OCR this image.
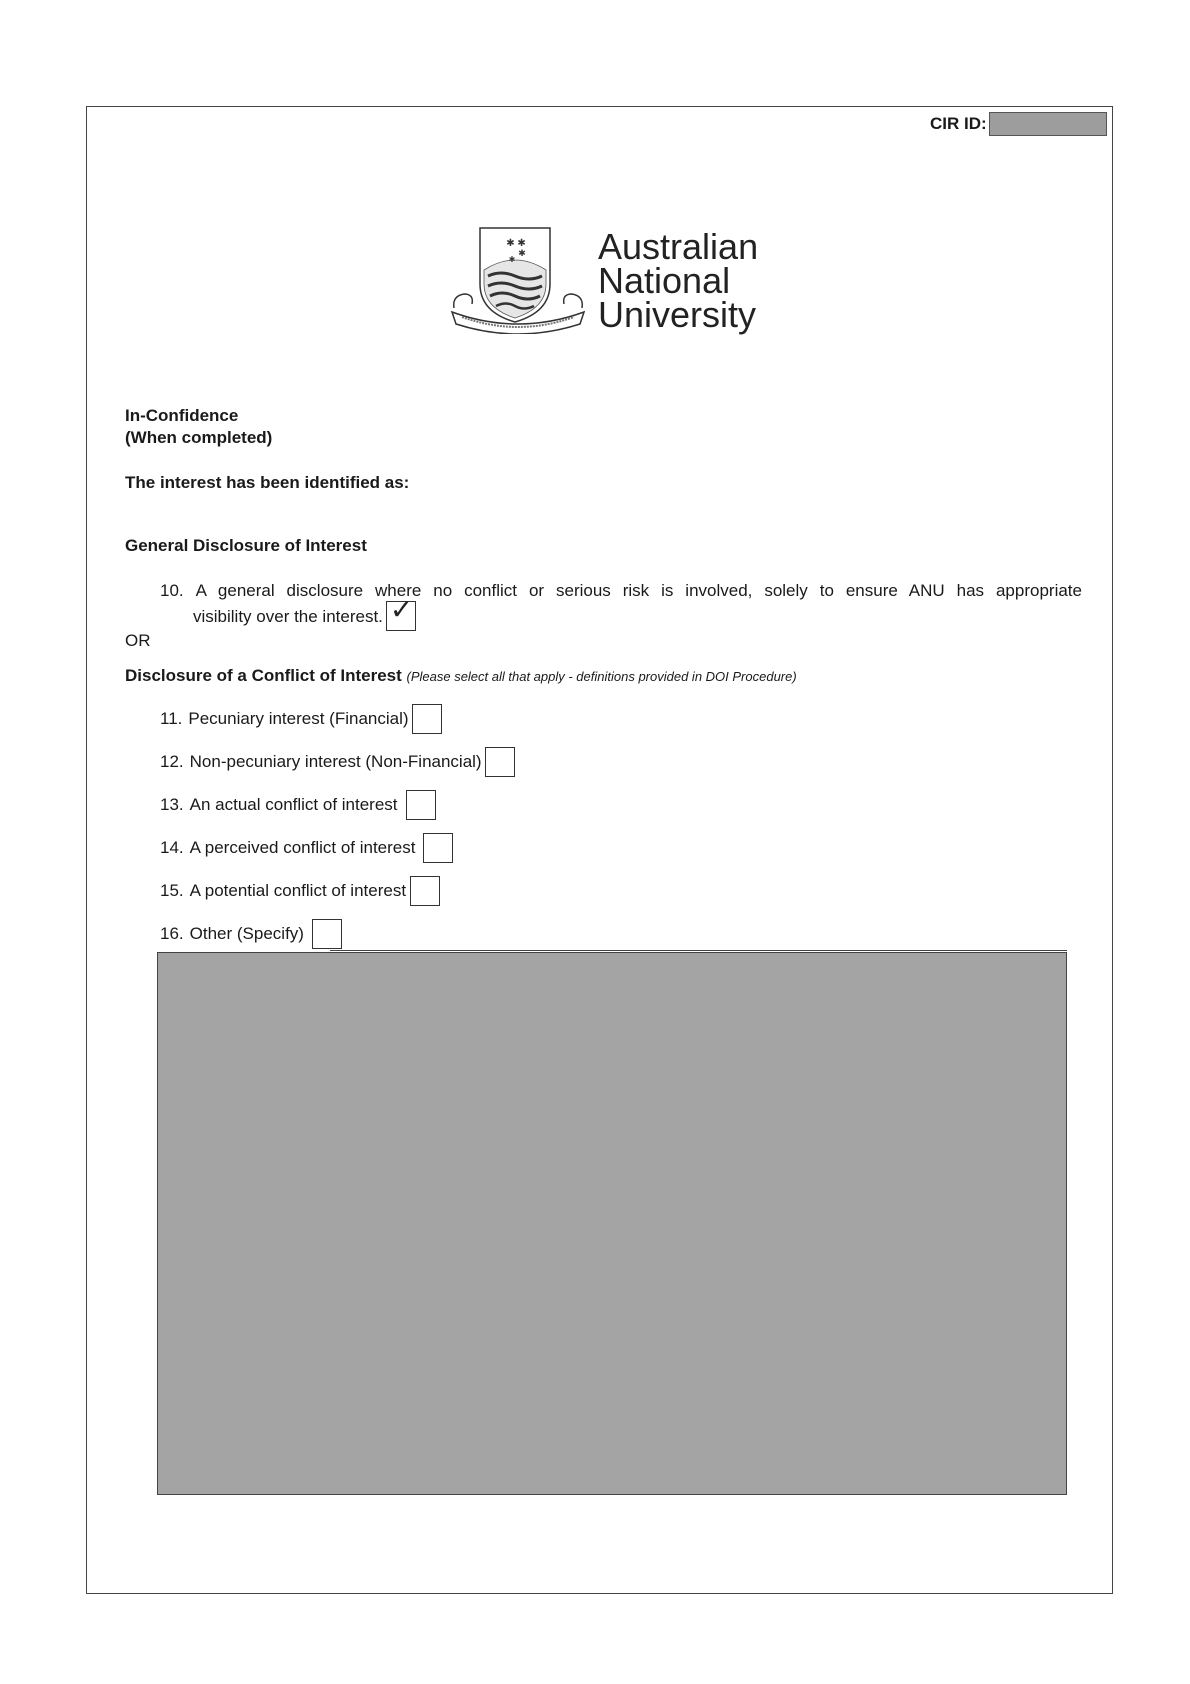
CIR ID:
✱ ✱
✱
✱ Australian
National
University
In-Confidence
(When completed)
The interest has been identified as:
General Disclosure of Interest
10. A general disclosure where no conflict or serious risk is involved, solely to ensure ANU has appropriate
visibility over the interest. ✓
OR
Disclosure of a Conflict of Interest (Please select all that apply - definitions provided in DOI Procedure)
11. Pecuniary interest (Financial)
12. Non-pecuniary interest (Non-Financial)
13. An actual conflict of interest
14. A perceived conflict of interest
15. A potential conflict of interest
16. Other (Specify)
